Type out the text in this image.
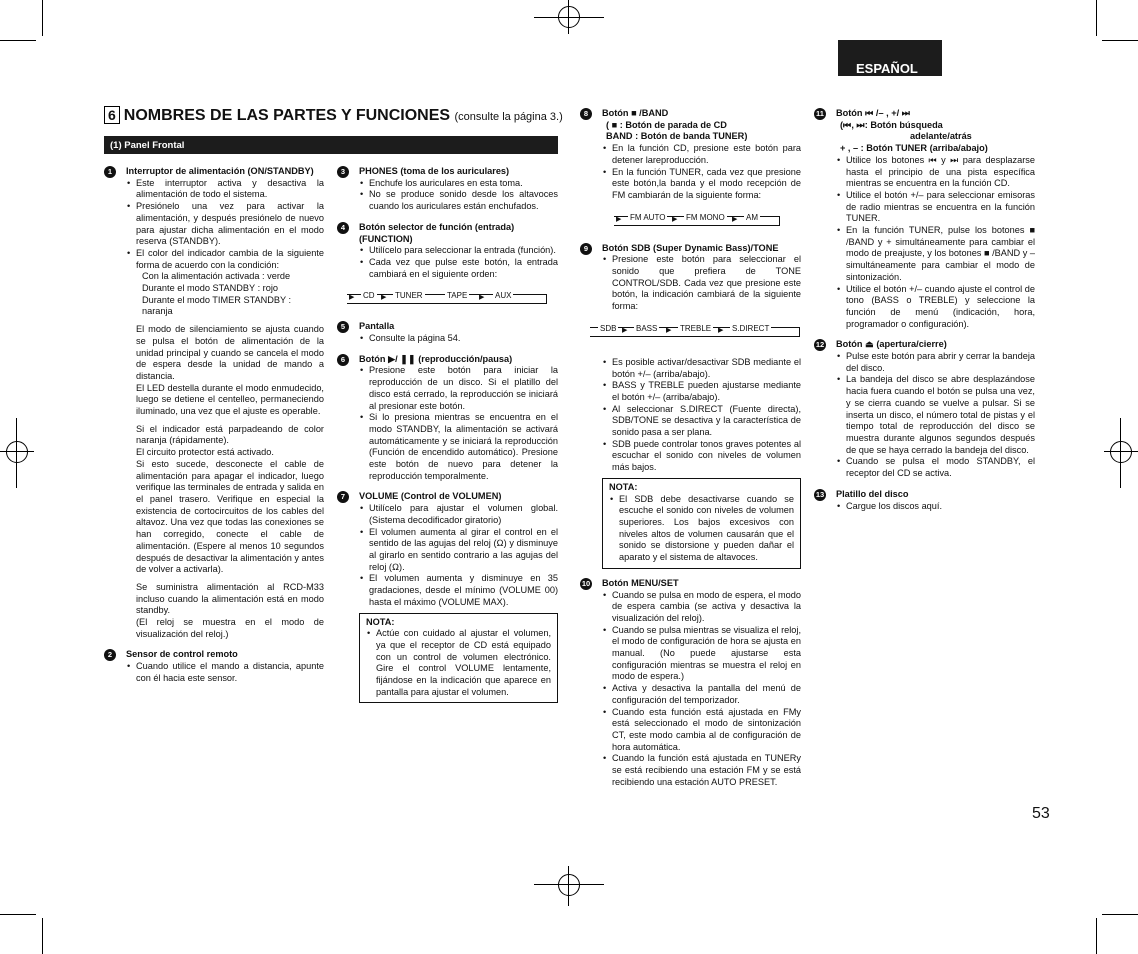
ESPAÑOL
6 NOMBRES DE LAS PARTES Y FUNCIONES (consulte la página 3.)
(1) Panel Frontal
1	Interruptor de alimentación (ON/STANDBY)
• Este interruptor activa y desactiva la alimentación de todo el sistema.
• Presiónelo una vez para activar la alimentación, y después presiónelo de nuevo para ajustar dicha alimentación en el modo reserva (STANDBY).
• El color del indicador cambia de la siguiente forma de acuerdo con la condición:
Con la alimentación activada : verde
Durante el modo STANDBY : rojo
Durante el modo TIMER STANDBY : naranja
El modo de silenciamiento se ajusta cuando se pulsa el botón de alimentación de la unidad principal y cuando se cancela el modo de espera desde la unidad de mando a distancia.
El LED destella durante el modo enmudecido, luego se detiene el centelleo, permaneciendo iluminado, una vez que el ajuste es operable.
Si el indicador está parpadeando de color naranja (rápidamente).
El circuito protector está activado.
Si esto sucede, desconecte el cable de alimentación para apagar el indicador, luego verifique las terminales de entrada y salida en el panel trasero. Verifique en especial la existencia de cortocircuitos de los cables del altavoz. Una vez que todas las conexiones se han corregido, conecte el cable de alimentación. (Espere al menos 10 segundos después de desactivar la alimentación y antes de volver a activarla).
Se suministra alimentación al RCD-M33 incluso cuando la alimentación está en modo standby.
(El reloj se muestra en el modo de visualización del reloj.)
2	Sensor de control remoto
• Cuando utilice el mando a distancia, apunte con él hacia este sensor.
3	PHONES (toma de los auriculares)
• Enchufe los auriculares en esta toma.
• No se produce sonido desde los altavoces cuando los auriculares están enchufados.
4	Botón selector de función (entrada) (FUNCTION)
• Utilícelo para seleccionar la entrada (función).
• Cada vez que pulse este botón, la entrada cambiará en el siguiente orden:
▶ CD ▶ TUNER	TAPE ▶ AUX
5	Pantalla
• Consulte la página 54.
6	Botón ▶/ ❚❚ (reproducción/pausa)
• Presione este botón para iniciar la reproducción de un disco. Si el platillo del disco está cerrado, la reproducción se iniciará al presionar este botón.
• Si lo presiona mientras se encuentra en el modo STANDBY, la alimentación se activará automáticamente y se iniciará la reproducción (Función de encendido automático). Presione este botón de nuevo para detener la reproducción temporalmente.
7	VOLUME (Control de VOLUMEN)
• Utilícelo para ajustar el volumen global. (Sistema decodificador giratorio)
• El volumen aumenta al girar el control en el sentido de las agujas del reloj (Ω) y disminuye al girarlo en sentido contrario a las agujas del reloj (Ω).
• El volumen aumenta y disminuye en 35 gradaciones, desde el mínimo (VOLUME 00) hasta el máximo (VOLUME MAX).
NOTA:
• Actúe con cuidado al ajustar el volumen, ya que el receptor de CD está equipado con un control de volumen electrónico. Gire el control VOLUME lentamente, fijándose en la indicación que aparece en pantalla para ajustar el volumen.
8	Botón ■ /BAND
( ■ : Botón de parada de CD
BAND : Botón de banda TUNER)
• En la función CD, presione este botón para detener lareproducción.
• En la función TUNER, cada vez que presione este botón,la banda y el modo recepción de FM cambiarán de la siguiente forma:
▶ FM AUTO ▶ FM MONO ▶ AM
9	Botón SDB (Super Dynamic Bass)/TONE
• Presione este botón para seleccionar el sonido que prefiera de TONE CONTROL/SDB. Cada vez que presione este botón, la indicación cambiará de la siguiente forma:
SDB ▶ BASS ▶ TREBLE ▶ S.DIRECT
• Es posible activar/desactivar SDB mediante el botón +/– (arriba/abajo).
• BASS y TREBLE pueden ajustarse mediante el botón +/– (arriba/abajo).
• Al seleccionar S.DIRECT (Fuente directa), SDB/TONE se desactiva y la característica de sonido pasa a ser plana.
• SDB puede controlar tonos graves potentes al escuchar el sonido con niveles de volumen más bajos.
NOTA:
• El SDB debe desactivarse cuando se escuche el sonido con niveles de volumen superiores. Los bajos excesivos con niveles altos de volumen causarán que el sonido se distorsione y pueden dañar el aparato y el sistema de altavoces.
10 Botón MENU/SET
• Cuando se pulsa en modo de espera, el modo de espera cambia (se activa y desactiva la visualización del reloj).
• Cuando se pulsa mientras se visualiza el reloj, el modo de configuración de hora se ajusta en manual. (No puede ajustarse esta configuración mientras se muestra el reloj en modo de espera.)
• Activa y desactiva la pantalla del menú de configuración del temporizador.
• Cuando esta función está ajustada en FMy está seleccionado el modo de sintonización CT, este modo cambia al de configuración de hora automática.
• Cuando la función está ajustada en TUNERy se está recibiendo una estación FM y se está recibiendo una estación AUTO PRESET.
11 Botón ⏮ /– , +/ ⏭
(⏮, ⏭: Botón búsqueda
adelante/atrás
+ , – : Botón TUNER (arriba/abajo)
• Utilice los botones ⏮ y ⏭ para desplazarse hasta el principio de una pista específica mientras se encuentra en la función CD.
• Utilice el botón +/– para seleccionar emisoras de radio mientras se encuentra en la función TUNER.
• En la función TUNER, pulse los botones ■ /BAND y + simultáneamente para cambiar el modo de preajuste, y los botones ■ /BAND y – simultáneamente para cambiar el modo de sintonización.
• Utilice el botón +/– cuando ajuste el control de tono (BASS o TREBLE) y seleccione la función de menú (indicación, hora, programador o configuración).
12 Botón ⏏ (apertura/cierre)
• Pulse este botón para abrir y cerrar la bandeja del disco.
• La bandeja del disco se abre desplazándose hacia fuera cuando el botón se pulsa una vez, y se cierra cuando se vuelve a pulsar. Si se inserta un disco, el número total de pistas y el tiempo total de reproducción del disco se muestra durante algunos segundos después de que se haya cerrado la bandeja del disco.
• Cuando se pulsa el modo STANDBY, el receptor del CD se activa.
13 Platillo del disco
• Cargue los discos aquí.
53
